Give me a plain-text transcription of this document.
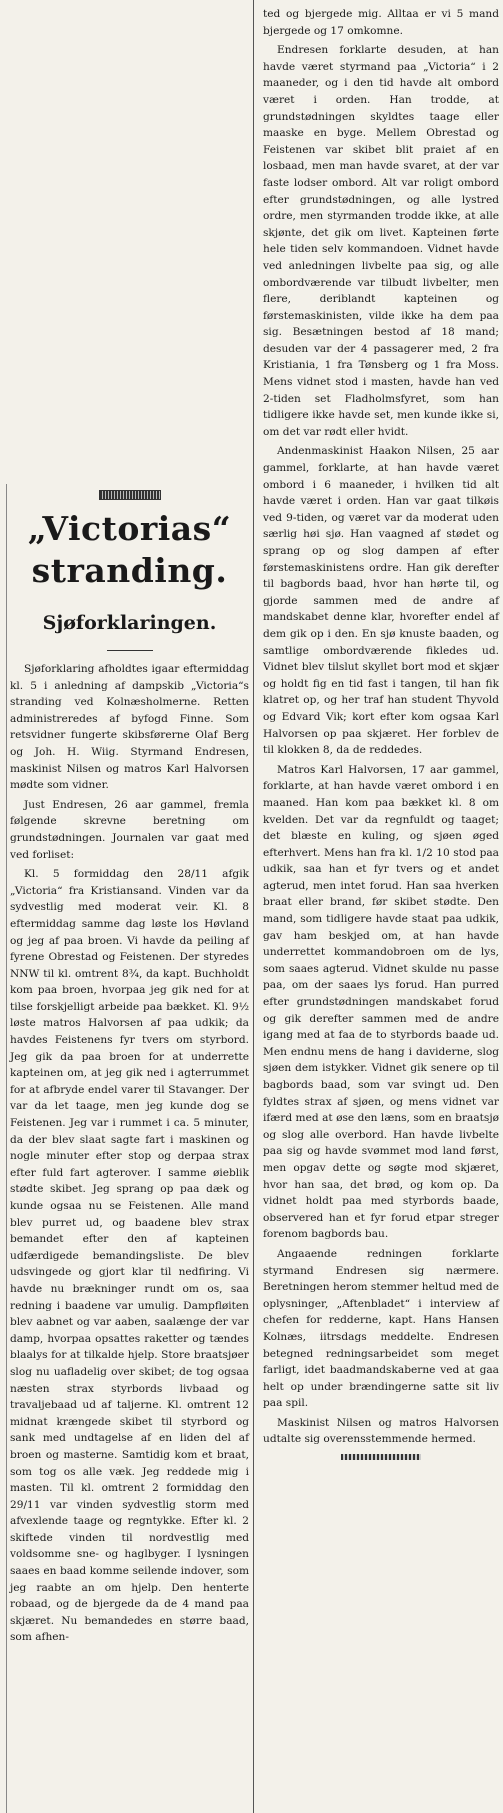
„Victorias“
stranding.
Sjøforklaringen.

Sjøforklaring afholdtes igaar eftermiddag kl. 5 i anledning af dampskib „Victoria“s stranding ved Kolnæsholmerne. Retten administreredes af byfogd Finne. Som retsvidner fungerte skibsførerne Olaf Berg og Joh. H. Wiig. Styrmand Endresen, maskinist Nilsen og matros Karl Halvorsen mødte som vidner.

Just Endresen, 26 aar gammel, fremla følgende skrevne beretning om grundstødningen. Journalen var gaat med ved forliset:

Kl. 5 formiddag den 28/11 afgik „Victoria“ fra Kristiansand. Vinden var da sydvestlig med moderat veir. Kl. 8 eftermiddag samme dag løste los Høvland og jeg af paa broen. Vi havde da peiling af fyrene Obrestad og Feistenen. Der styredes NNW til kl. omtrent 8¾, da kapt. Buchholdt kom paa broen, hvorpaa jeg gik ned for at tilse forskjelligt arbeide paa bækket. Kl. 9½ løste matros Halvorsen af paa udkik; da havdes Feistenens fyr tvers om styrbord. Jeg gik da paa broen for at underrette kapteinen om, at jeg gik ned i agterrummet for at afbryde endel varer til Stavanger. Der var da let taage, men jeg kunde dog se Feistenen. Jeg var i rummet i ca. 5 minuter, da der blev slaat sagte fart i maskinen og nogle minuter efter stop og derpaa strax efter fuld fart agterover. I samme øieblik stødte skibet. Jeg sprang op paa dæk og kunde ogsaa nu se Feistenen. Alle mand blev purret ud, og baadene blev strax bemandet efter den af kapteinen udfærdigede bemandingsliste. De blev udsvingede og gjort klar til nedfiring. Vi havde nu brækninger rundt om os, saa redning i baadene var umulig. Dampfløiten blev aabnet og var aaben, saalænge der var damp, hvorpaa opsattes raketter og tændes blaalys for at tilkalde hjelp. Store braatsjøer slog nu uafladelig over skibet; de tog ogsaa næsten strax styrbords livbaad og travaljebaad ud af taljerne. Kl. omtrent 12 midnat krængede skibet til styrbord og sank med undtagelse af en liden del af broen og masterne. Samtidig kom et braat, som tog os alle væk. Jeg reddede mig i masten. Til kl. omtrent 2 formiddag den 29/11 var vinden sydvestlig storm med afvexlende taage og regntykke. Efter kl. 2 skiftede vinden til nordvestlig med voldsomme sne- og haglbyger. I lysningen saaes en baad komme seilende indover, som jeg raabte an om hjelp. Den henterte robaad, og de bjergede da de 4 mand paa skjæret. Nu bemandedes en større baad, som afhen-

ted og bjergede mig. Alltaa er vi 5 mand bjergede og 17 omkomne.

Endresen forklarte desuden, at han havde været styrmand paa „Victoria“ i 2 maaneder, og i den tid havde alt ombord været i orden. Han trodde, at grundstødningen skyldtes taage eller maaske en byge. Mellem Obrestad og Feistenen var skibet blit praiet af en losbaad, men man havde svaret, at der var faste lodser ombord. Alt var roligt ombord efter grundstødningen, og alle lystred ordre, men styrmanden trodde ikke, at alle skjønte, det gik om livet. Kapteinen førte hele tiden selv kommandoen. Vidnet havde ved anledningen livbelte paa sig, og alle ombordværende var tilbudt livbelter, men flere, deriblandt kapteinen og førstemaskinisten, vilde ikke ha dem paa sig. Besætningen bestod af 18 mand; desuden var der 4 passagerer med, 2 fra Kristiania, 1 fra Tønsberg og 1 fra Moss. Mens vidnet stod i masten, havde han ved 2-tiden set Fladholmsfyret, som han tidligere ikke havde set, men kunde ikke si, om det var rødt eller hvidt.

Andenmaskinist Haakon Nilsen, 25 aar gammel, forklarte, at han havde været ombord i 6 maaneder, i hvilken tid alt havde været i orden. Han var gaat tilkøis ved 9-tiden, og været var da moderat uden særlig høi sjø. Han vaagned af stødet og sprang op og slog dampen af efter førstemaskinistens ordre. Han gik derefter til bagbords baad, hvor han hørte til, og gjorde sammen med de andre af mandskabet denne klar, hvorefter endel af dem gik op i den. En sjø knuste baaden, og samtlige ombordværende fikledes ud. Vidnet blev tilslut skyllet bort mod et skjær og holdt fig en tid fast i tangen, til han fik klatret op, og her traf han student Thyvold og Edvard Vik; kort efter kom ogsaa Karl Halvorsen op paa skjæret. Her forblev de til klokken 8, da de reddedes.

Matros Karl Halvorsen, 17 aar gammel, forklarte, at han havde været ombord i en maaned. Han kom paa bækket kl. 8 om kvelden. Det var da regnfuldt og taaget; det blæste en kuling, og sjøen øged efterhvert. Mens han fra kl. 1/2 10 stod paa udkik, saa han et fyr tvers og et andet agterud, men intet forud. Han saa hverken braat eller brand, før skibet stødte. Den mand, som tidligere havde staat paa udkik, gav ham beskjed om, at han havde underrettet kommandobroen om de lys, som saaes agterud. Vidnet skulde nu passe paa, om der saaes lys forud. Han purred efter grundstødningen mandskabet forud og gik derefter sammen med de andre igang med at faa de to styrbords baade ud. Men endnu mens de hang i daviderne, slog sjøen dem istykker. Vidnet gik senere op til bagbords baad, som var svingt ud. Den fyldtes strax af sjøen, og mens vidnet var ifærd med at øse den læns, som en braatsjø og slog alle overbord. Han havde livbelte paa sig og havde svømmet mod land først, men opgav dette og søgte mod skjæret, hvor han saa, det brød, og kom op. Da vidnet holdt paa med styrbords baade, observered han et fyr forud etpar streger forenom bagbords bau.

Angaaende redningen forklarte styrmand Endresen sig nærmere. Beretningen herom stemmer heltud med de oplysninger, „Aftenbladet“ i interview af chefen for redderne, kapt. Hans Hansen Kolnæs, iitrsdags meddelte. Endresen betegned redningsarbeidet som meget farligt, idet baadmandskaberne ved at gaa helt op under brændingerne satte sit liv paa spil.

Maskinist Nilsen og matros Halvorsen udtalte sig overensstemmende hermed.
